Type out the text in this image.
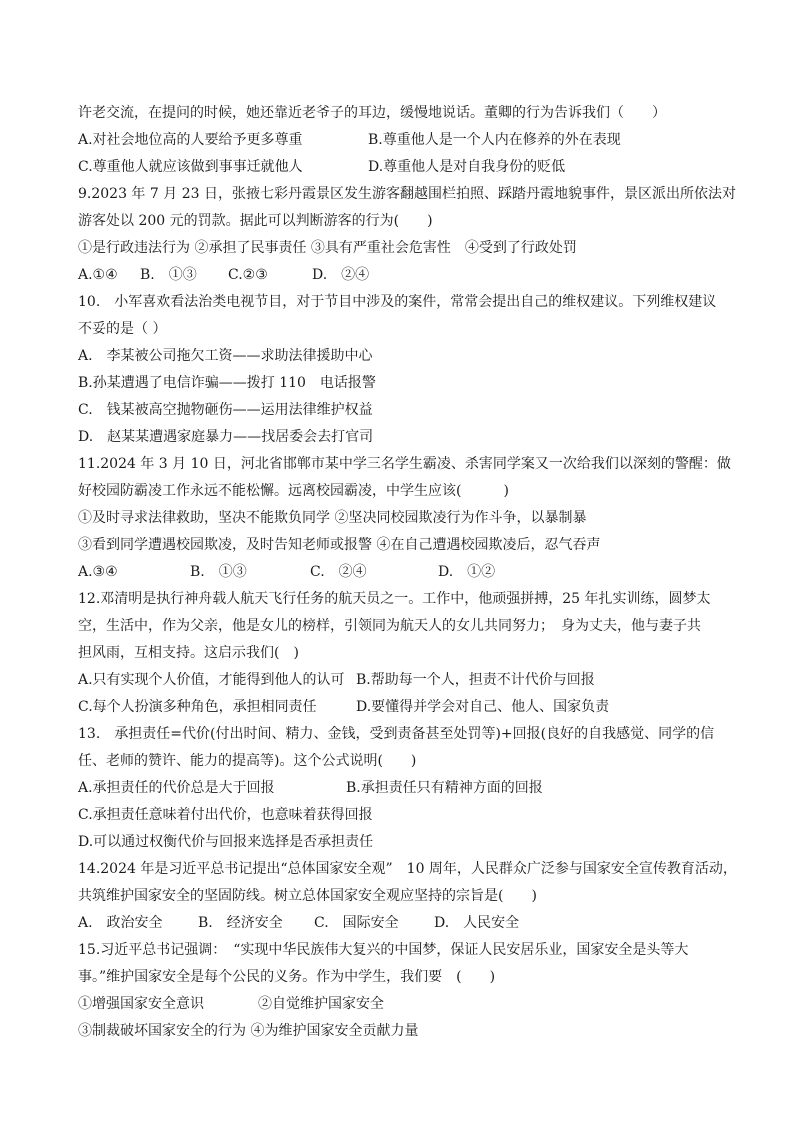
许老交流，在提问的时候，她还靠近老爷子的耳边，缓慢地说话。董卿的行为告诉我们（　　）
A.对社会地位高的人要给予更多尊重	B.尊重他人是一个人内在修养的外在表现
C.尊重他人就应该做到事事迁就他人	D.尊重他人是对自我身份的贬低
9.2023 年 7 月 23 日，张掖七彩丹霞景区发生游客翻越围栏拍照、踩踏丹霞地貌事件，景区派出所依法对
游客处以 200 元的罚款。据此可以判断游客的行为(　　)
①是行政违法行为 ②承担了民事责任 ③具有严重社会危害性　④受到了行政处罚
A.①④ B.　①③ C.②③	D.　②④
10.　小军喜欢看法治类电视节目，对于节目中涉及的案件，常常会提出自己的维权建议。下列维权建议
不妥的是（ ）
A.　李某被公司拖欠工资——求助法律援助中心
B.孙某遭遇了电信诈骗——拨打 110　电话报警
C.　钱某被高空抛物砸伤——运用法律维护权益
D.　赵某某遭遇家庭暴力——找居委会去打官司
11.2024 年 3 月 10 日，河北省邯郸市某中学三名学生霸凌、杀害同学案又一次给我们以深刻的警醒：做
好校园防霸凌工作永远不能松懈。远离校园霸凌，中学生应该(　　　)
①及时寻求法律救助，坚决不能欺负同学 ②坚决同校园欺凌行为作斗争，以暴制暴
③看到同学遭遇校园欺凌，及时告知老师或报警 ④在自己遭遇校园欺凌后，忍气吞声
A.③④	B.　①③	C.　②④	D.　①②
12.邓清明是执行神舟载人航天飞行任务的航天员之一。工作中，他顽强拼搏，25 年扎实训练，圆梦太
空，生活中，作为父亲，他是女儿的榜样，引领同为航天人的女儿共同努力；　身为丈夫，他与妻子共
担风雨，互相支持。这启示我们(　)
A.只有实现个人价值，才能得到他人的认可 B.帮助每一个人，担责不计代价与回报
C.每个人扮演多种角色，承担相同责任	D.要懂得并学会对自己、他人、国家负责
13.　承担责任=代价(付出时间、精力、金钱，受到责备甚至处罚等)+回报(良好的自我感觉、同学的信
任、老师的赞许、能力的提高等)。这个公式说明(　　)
A.承担责任的代价总是大于回报	B.承担责任只有精神方面的回报
C.承担责任意味着付出代价，也意味着获得回报
D.可以通过权衡代价与回报来选择是否承担责任
14.2024 年是习近平总书记提出“总体国家安全观”　10 周年，人民群众广泛参与国家安全宣传教育活动，
共筑维护国家安全的坚固防线。树立总体国家安全观应坚持的宗旨是(　　)
A.　政治安全	B.　经济安全 C.　国际安全	D.　人民安全
15.习近平总书记强调：　“实现中华民族伟大复兴的中国梦，保证人民安居乐业，国家安全是头等大
事。”维护国家安全是每个公民的义务。作为中学生，我们要　(　　)
①增强国家安全意识	②自觉维护国家安全
③制裁破坏国家安全的行为 ④为维护国家安全贡献力量
